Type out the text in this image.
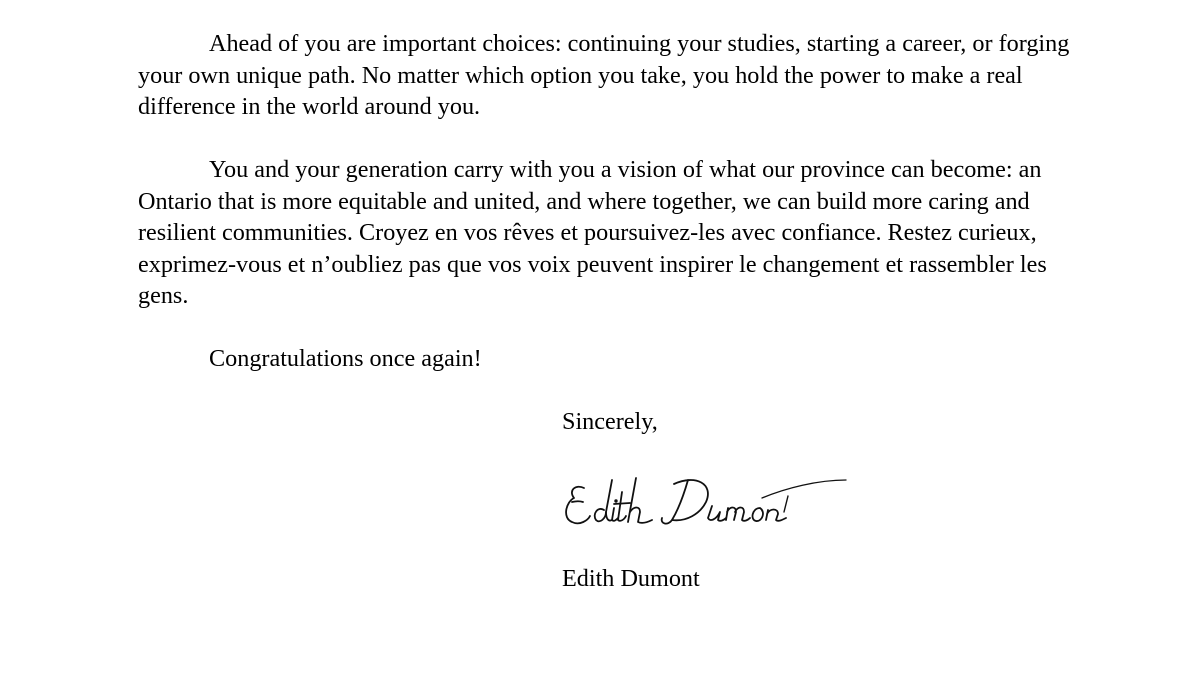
Ahead of you are important choices: continuing your studies, starting a career, or forging your own unique path. No matter which option you take, you hold the power to make a real difference in the world around you.

You and your generation carry with you a vision of what our province can become: an Ontario that is more equitable and united, and where together, we can build more caring and resilient communities. Croyez en vos rêves et poursuivez-les avec confiance. Restez curieux, exprimez-vous et n’oubliez pas que vos voix peuvent inspirer le changement et rassembler les gens.

Congratulations once again!

Sincerely,

Edith Dumont
